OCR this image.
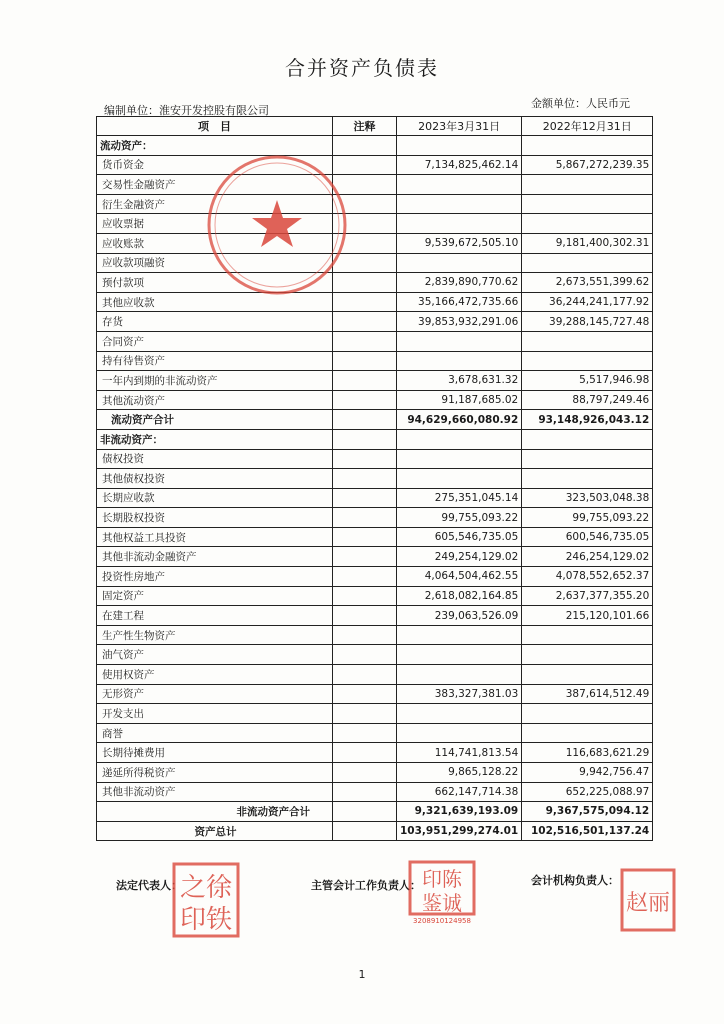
合并资产负债表
编制单位：淮安开发控股有限公司
金额单位：人民币元
项　目	注释	2023年3月31日	2022年12月31日
流动资产：			
货币资金		7,134,825,462.14	5,867,272,239.35
交易性金融资产			
衍生金融资产			
应收票据			
应收账款		9,539,672,505.10	9,181,400,302.31
应收款项融资			
预付款项		2,839,890,770.62	2,673,551,399.62
其他应收款		35,166,472,735.66	36,244,241,177.92
存货		39,853,932,291.06	39,288,145,727.48
合同资产			
持有待售资产			
一年内到期的非流动资产		3,678,631.32	5,517,946.98
其他流动资产		91,187,685.02	88,797,249.46
流动资产合计		94,629,660,080.92	93,148,926,043.12
非流动资产：			
债权投资			
其他债权投资			
长期应收款		275,351,045.14	323,503,048.38
长期股权投资		99,755,093.22	99,755,093.22
其他权益工具投资		605,546,735.05	600,546,735.05
其他非流动金融资产		249,254,129.02	246,254,129.02
投资性房地产		4,064,504,462.55	4,078,552,652.37
固定资产		2,618,082,164.85	2,637,377,355.20
在建工程		239,063,526.09	215,120,101.66
生产性生物资产			
油气资产			
使用权资产			
无形资产		383,327,381.03	387,614,512.49
开发支出			
商誉			
长期待摊费用		114,741,813.54	116,683,621.29
递延所得税资产		9,865,128.22	9,942,756.47
其他非流动资产		662,147,714.38	652,225,088.97
非流动资产合计		9,321,639,193.09	9,367,575,094.12
资产总计		103,951,299,274.01	102,516,501,137.24
法定代表人：	主管会计工作负责人：	会计机构负责人：
之徐
印铁
印陈
鉴诚
3208910124958
赵丽
1
